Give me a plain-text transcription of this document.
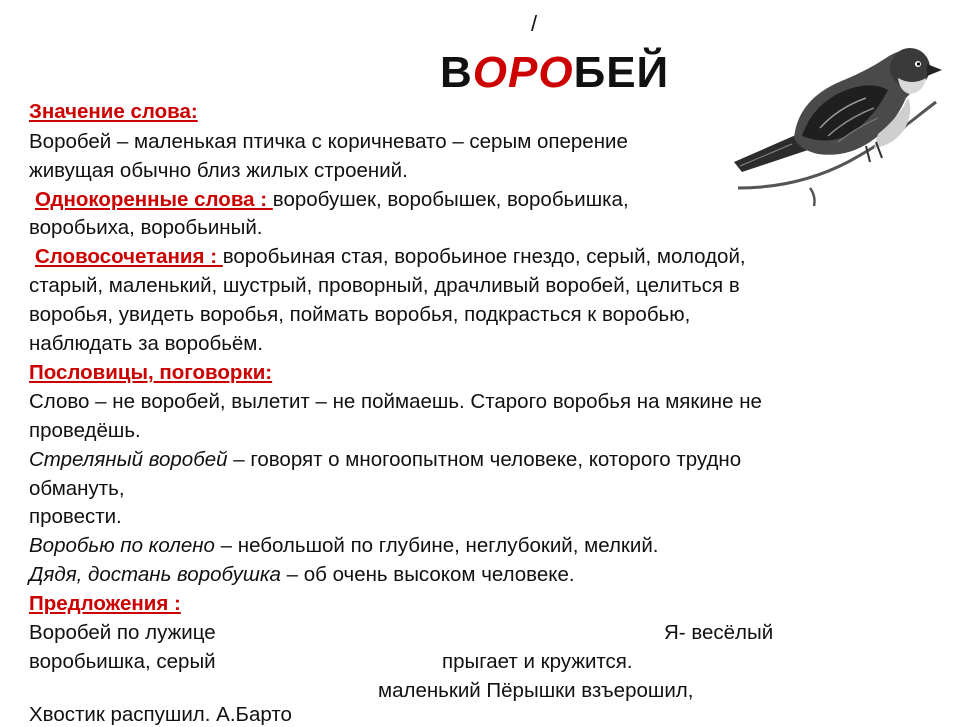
/
ВОРОБЕЙ
Значение слова:
Воробей – маленькая птичка с коричневато – серым оперение
живущая обычно близ жилых строений.
Однокоренные слова : воробушек, воробышек, воробьишка,
воробьиха, воробьиный.
Словосочетания : воробьиная стая, воробьиное гнездо, серый, молодой,
старый, маленький, шустрый, проворный, драчливый воробей, целиться в
воробья, увидеть воробья, поймать воробья, подкрасться к воробью,
наблюдать за воробьём.
Пословицы, поговорки:
Слово – не воробей, вылетит – не поймаешь. Старого воробья на мякине не
проведёшь.
Стреляный воробей – говорят о многоопытном человеке, которого трудно
обмануть,
провести.
Воробью по колено – небольшой по глубине, неглубокий, мелкий.
Дядя, достань воробушка – об очень высоком человеке.
Предложения :
Воробей по лужице	Я- весёлый
воробьишка, серый	прыгает и кружится.
маленький Пёрышки взъерошил,
Хвостик распушил. А.Барто
